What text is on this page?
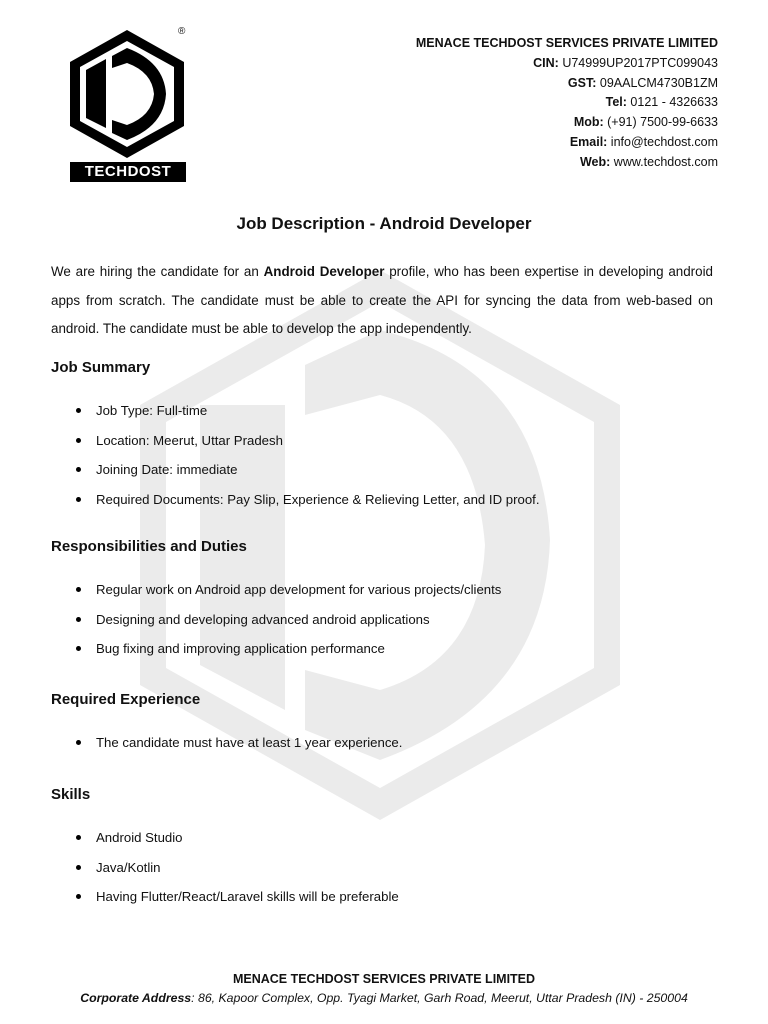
®
TECHDOST
MENACE TECHDOST SERVICES PRIVATE LIMITED
CIN: U74999UP2017PTC099043
GST: 09AALCM4730B1ZM
Tel: 0121 - 4326633
Mob: (+91) 7500-99-6633
Email: info@techdost.com
Web: www.techdost.com
Job Description - Android Developer

We are hiring the candidate for an Android Developer profile, who has been expertise in developing android apps from scratch. The candidate must be able to create the API for syncing the data from web-based on android. The candidate must be able to develop the app independently.

Job Summary
Job Type: Full-time
Location: Meerut, Uttar Pradesh
Joining Date: immediate
Required Documents: Pay Slip, Experience & Relieving Letter, and ID proof.
Responsibilities and Duties
Regular work on Android app development for various projects/clients
Designing and developing advanced android applications
Bug fixing and improving application performance
Required Experience
The candidate must have at least 1 year experience.
Skills
Android Studio
Java/Kotlin
Having Flutter/React/Laravel skills will be preferable
MENACE TECHDOST SERVICES PRIVATE LIMITED
Corporate Address: 86, Kapoor Complex, Opp. Tyagi Market, Garh Road, Meerut, Uttar Pradesh (IN) - 250004
